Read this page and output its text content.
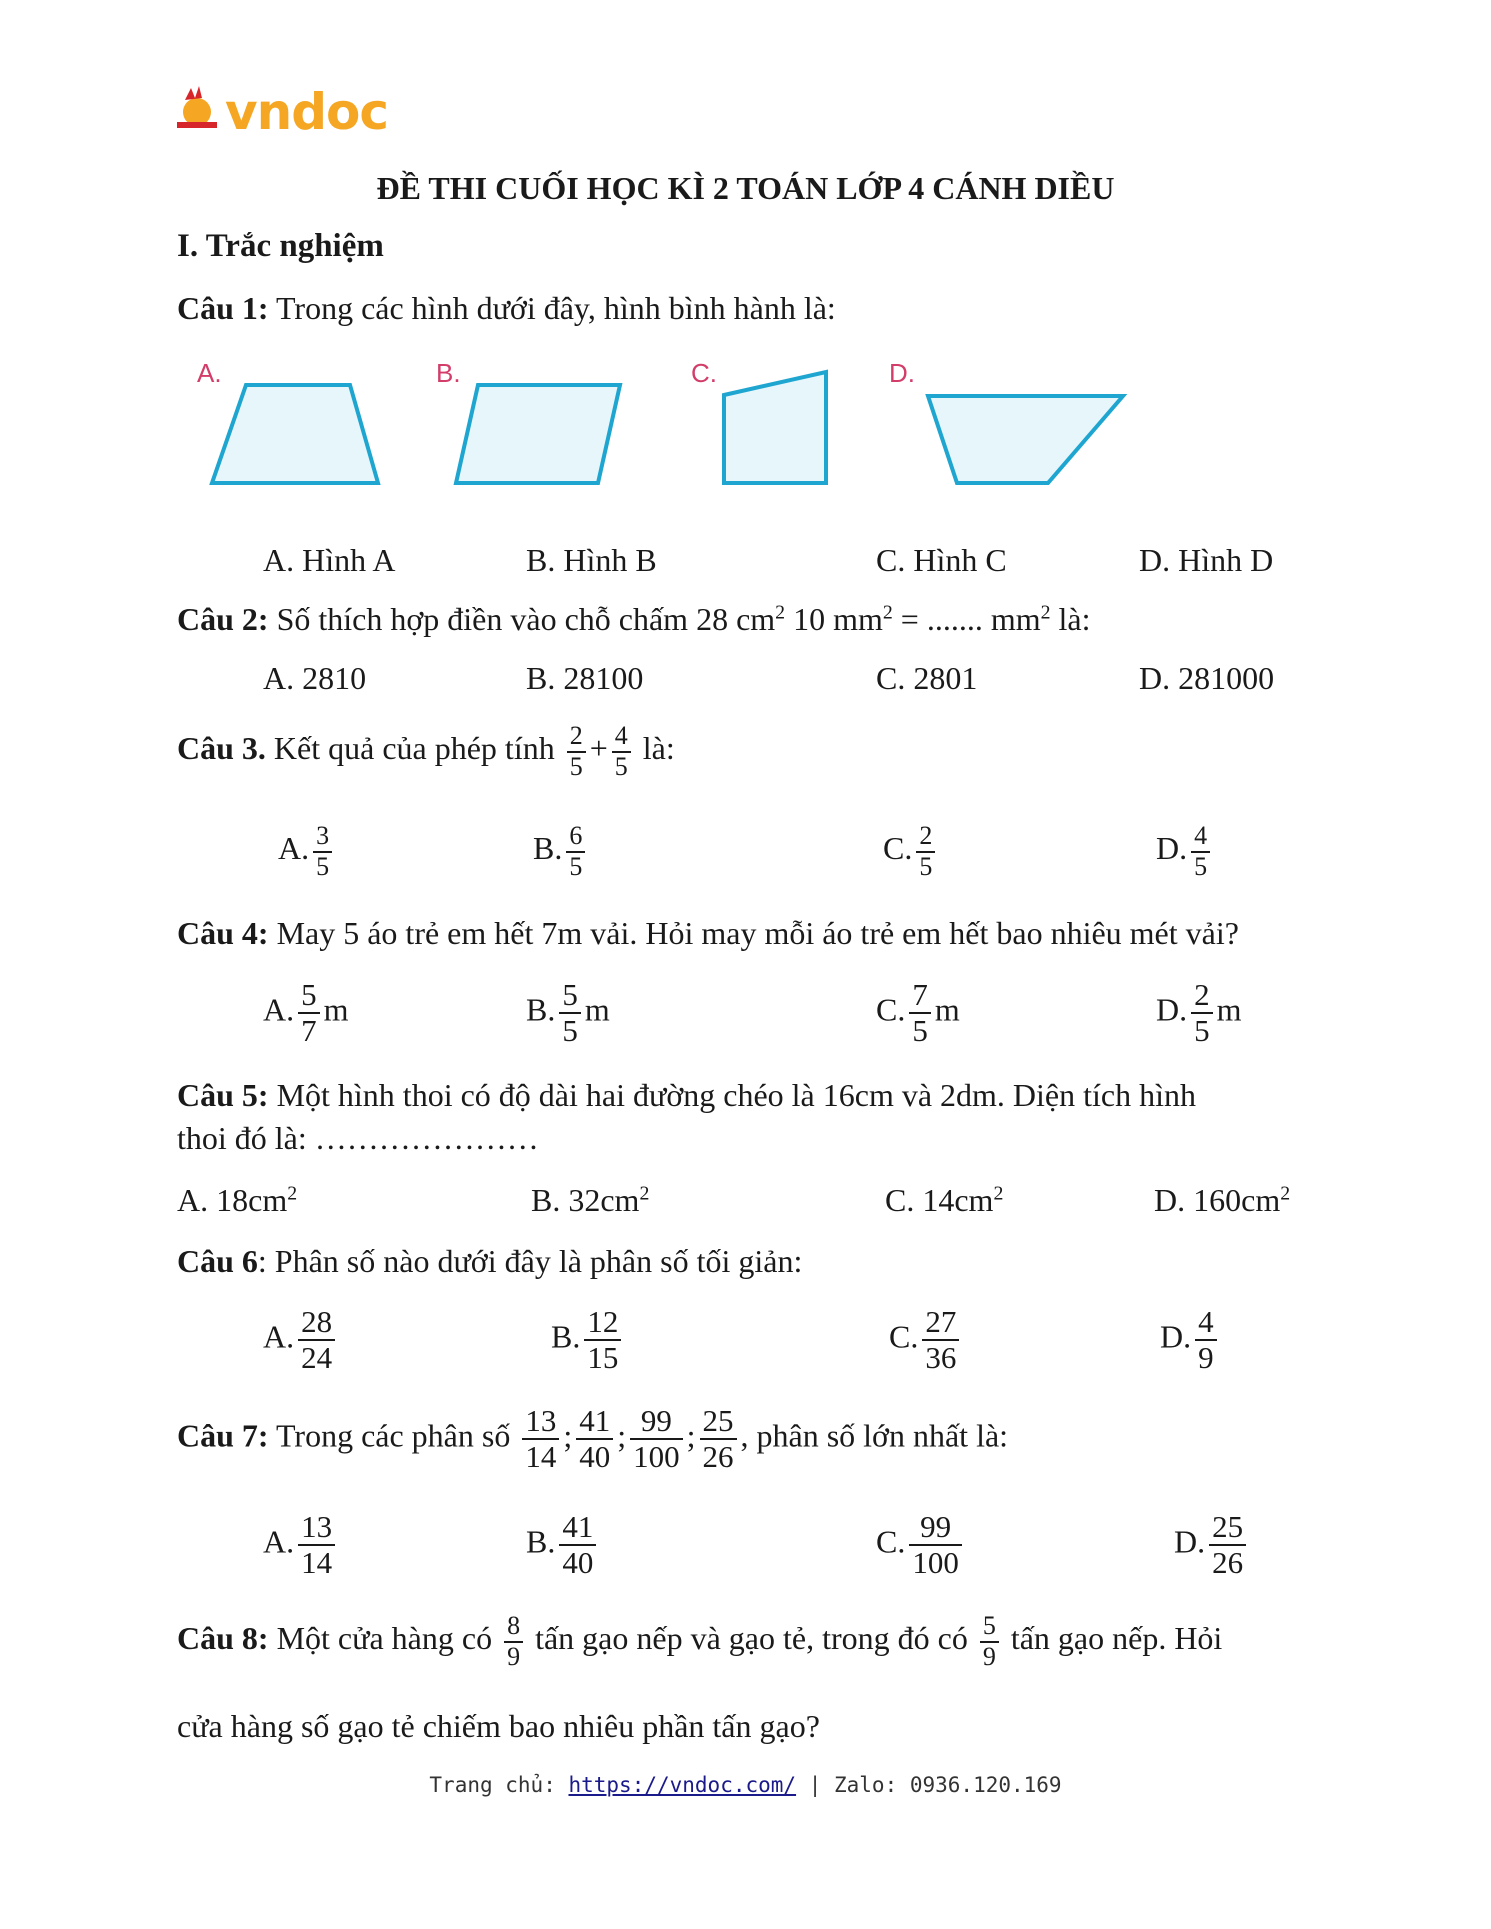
vndoc
ĐỀ THI CUỐI HỌC KÌ 2 TOÁN LỚP 4 CÁNH DIỀU
I. Trắc nghiệm
Câu 1: Trong các hình dưới đây, hình bình hành là:
A.	B.	C.	D.
A. Hình A	B. Hình B	C. Hình C	D. Hình D
Câu 2: Số thích hợp điền vào chỗ chấm 28 $cm^2$ 10 $mm^2$ = ....... $mm^2$ là:
A. 2810	B. 28100	C. 2801	D. 281000
Câu 3. Kết quả của phép tính $\frac{2}{5} + \frac{4}{5}$ là:
A. $\frac{3}{5}$	B. $\frac{6}{5}$	C. $\frac{2}{5}$	D. $\frac{4}{5}$
Câu 4: May 5 áo trẻ em hết 7m vải. Hỏi may mỗi áo trẻ em hết bao nhiêu mét vải?
A. $\frac{5}{7}$ m	B. $\frac{5}{5}$ m	C. $\frac{7}{5}$ m	D. $\frac{2}{5}$ m
Câu 5: Một hình thoi có độ dài hai đường chéo là 16cm và 2dm. Diện tích hình
thoi đó là: …………………
A. $18cm^2$	B. $32cm^2$	C. $14cm^2$	D. $160cm^2$
Câu 6: Phân số nào dưới đây là phân số tối giản:
A. $\frac{28}{24}$	B. $\frac{12}{15}$	C. $\frac{27}{36}$	D. $\frac{4}{9}$
Câu 7: Trong các phân số $\frac{13}{14}$ ; $\frac{41}{40}$ ; $\frac{99}{100}$ ; $\frac{25}{26}$ , phân số lớn nhất là:
A. $\frac{13}{14}$	B. $\frac{41}{40}$	C. $\frac{99}{100}$	D. $\frac{25}{26}$
Câu 8: Một cửa hàng có $\frac{8}{9}$ tấn gạo nếp và gạo tẻ, trong đó có $\frac{5}{9}$ tấn gạo nếp. Hỏi
cửa hàng số gạo tẻ chiếm bao nhiêu phần tấn gạo?
Trang chủ: https://vndoc.com/ | Zalo: 0936.120.169
